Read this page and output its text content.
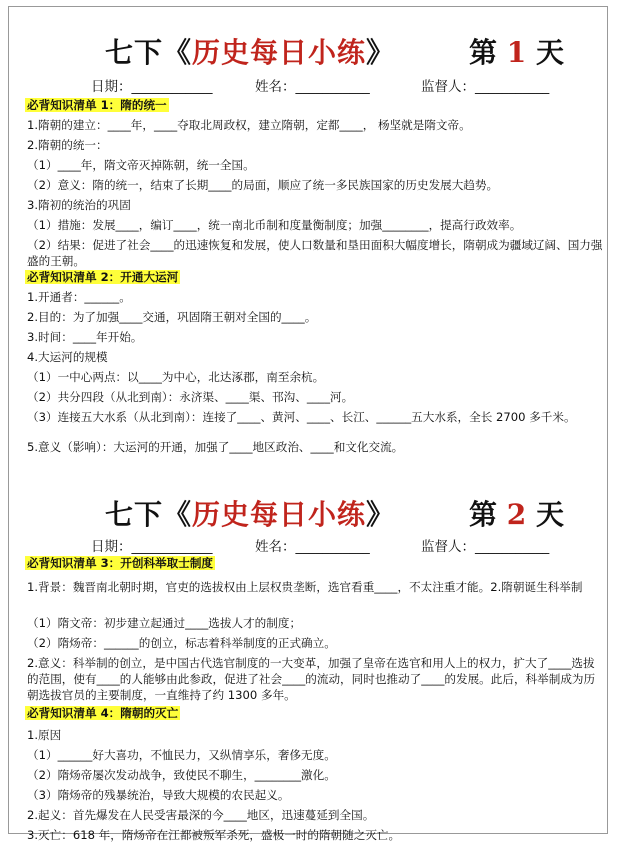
七下《历史每日小练》	第 1 天
日期：____________	姓名：___________	监督人：___________
必背知识清单 1：隋的统一
1.隋朝的建立：____年，____夺取北周政权，建立隋朝，定都____， 杨坚就是隋文帝。
2.隋朝的统一：
（1）____年，隋文帝灭掉陈朝，统一全国。
（2）意义：隋的统一，结束了长期____的局面，顺应了统一多民族国家的历史发展大趋势。
3.隋初的统治的巩固
（1）措施：发展____，编订____，统一南北币制和度量衡制度；加强________，提高行政效率。
（2）结果：促进了社会____的迅速恢复和发展，使人口数量和垦田面积大幅度增长，隋朝成为疆域辽阔、国力强盛的王朝。
必背知识清单 2：开通大运河
1.开通者：______。
2.目的：为了加强____交通，巩固隋王朝对全国的____。
3.时间：____年开始。
4.大运河的规模
（1）一中心两点：以____为中心，北达涿郡，南至余杭。
（2）共分四段（从北到南）：永济渠、____渠、邗沟、____河。
（3）连接五大水系（从北到南）：连接了____、黄河、____、长江、______五大水系，全长 2700 多千米。
5.意义（影响）：大运河的开通，加强了____地区政治、____和文化交流。
七下《历史每日小练》	第 2 天
日期：____________	姓名：___________	监督人：___________
必背知识清单 3：开创科举取士制度
1.背景：魏晋南北朝时期，官吏的选拔权由上层权贵垄断，选官看重____，不太注重才能。2.隋朝诞生科举制
（1）隋文帝：初步建立起通过____选拔人才的制度；
（2）隋炀帝：______的创立，标志着科举制度的正式确立。
2.意义：科举制的创立，是中国古代选官制度的一大变革，加强了皇帝在选官和用人上的权力，扩大了____选拔的范围，使有____的人能够由此参政，促进了社会____的流动，同时也推动了____的发展。此后，科举制成为历朝选拔官员的主要制度，一直维持了约 1300 多年。
必背知识清单 4：隋朝的灭亡
1.原因
（1）______好大喜功，不恤民力，又纵情享乐，奢侈无度。
（2）隋炀帝屡次发动战争，致使民不聊生，________激化。
（3）隋炀帝的残暴统治，导致大规模的农民起义。
2.起义：首先爆发在人民受害最深的今____地区，迅速蔓延到全国。
3.灭亡：618 年，隋炀帝在江都被叛军杀死，盛极一时的隋朝随之灭亡。
